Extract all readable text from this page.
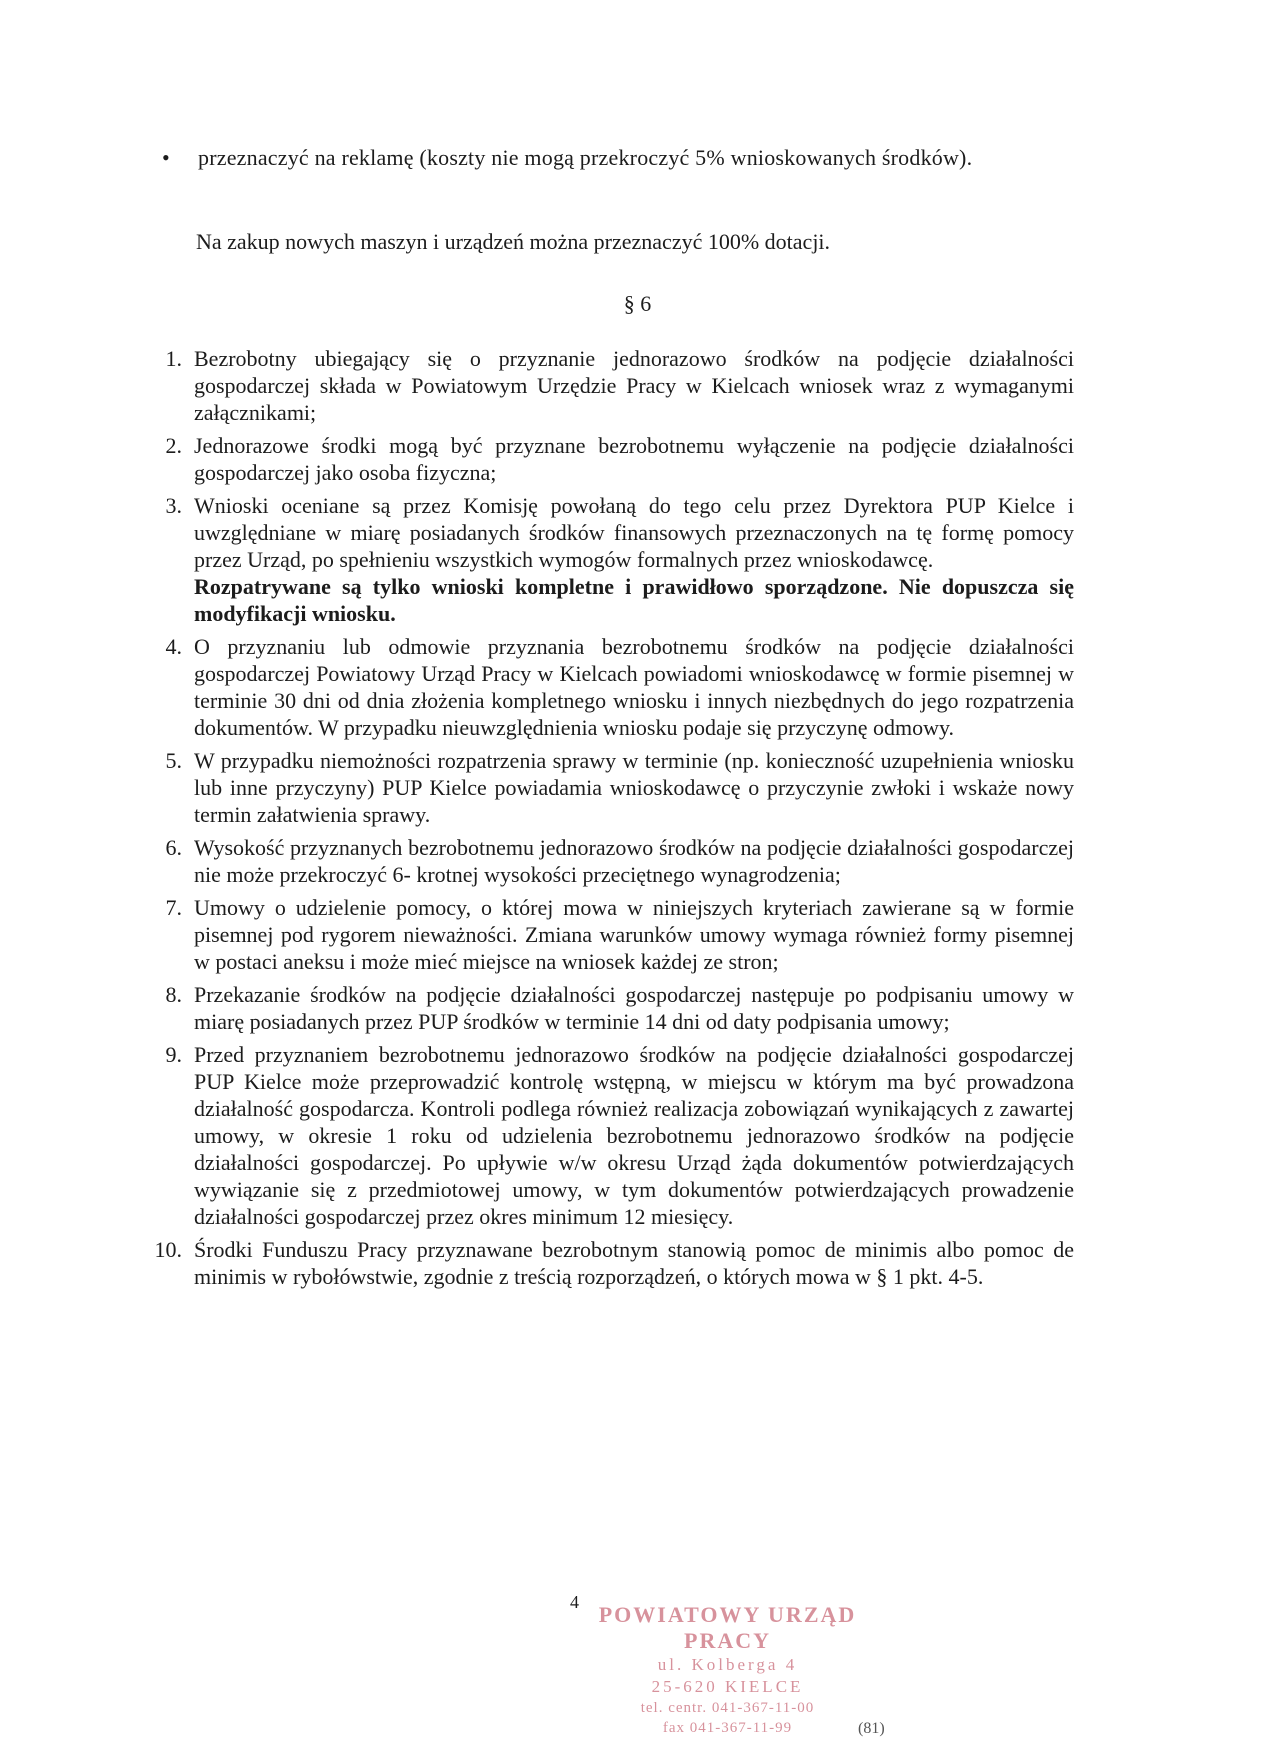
•	przeznaczyć na reklamę (koszty nie mogą przekroczyć 5% wnioskowanych środków).
Na zakup nowych maszyn i urządzeń można przeznaczyć 100% dotacji.
§ 6
1. Bezrobotny ubiegający się o przyznanie jednorazowo środków na podjęcie działalności gospodarczej składa w Powiatowym Urzędzie Pracy w Kielcach wniosek wraz z wymaganymi załącznikami;
2. Jednorazowe środki mogą być przyznane bezrobotnemu wyłączenie na podjęcie działalności gospodarczej jako osoba fizyczna;
3. Wnioski oceniane są przez Komisję powołaną do tego celu przez Dyrektora PUP Kielce i uwzględniane w miarę posiadanych środków finansowych przeznaczonych na tę formę pomocy przez Urząd, po spełnieniu wszystkich wymogów formalnych przez wnioskodawcę.
Rozpatrywane są tylko wnioski kompletne i prawidłowo sporządzone. Nie dopuszcza się modyfikacji wniosku.
4. O przyznaniu lub odmowie przyznania bezrobotnemu środków na podjęcie działalności gospodarczej Powiatowy Urząd Pracy w Kielcach powiadomi wnioskodawcę w formie pisemnej w terminie 30 dni od dnia złożenia kompletnego wniosku i innych niezbędnych do jego rozpatrzenia dokumentów. W przypadku nieuwzględnienia wniosku podaje się przyczynę odmowy.
5. W przypadku niemożności rozpatrzenia sprawy w terminie (np. konieczność uzupełnienia wniosku lub inne przyczyny) PUP Kielce powiadamia wnioskodawcę o przyczynie zwłoki i wskaże nowy termin załatwienia sprawy.
6. Wysokość przyznanych bezrobotnemu jednorazowo środków na podjęcie działalności gospodarczej nie może przekroczyć 6- krotnej wysokości przeciętnego wynagrodzenia;
7. Umowy o udzielenie pomocy, o której mowa w niniejszych kryteriach zawierane są w formie pisemnej pod rygorem nieważności. Zmiana warunków umowy wymaga również formy pisemnej w postaci aneksu i może mieć miejsce na wniosek każdej ze stron;
8. Przekazanie środków na podjęcie działalności gospodarczej następuje po podpisaniu umowy w miarę posiadanych przez PUP środków w terminie 14 dni od daty podpisania umowy;
9. Przed przyznaniem bezrobotnemu jednorazowo środków na podjęcie działalności gospodarczej PUP Kielce może przeprowadzić kontrolę wstępną, w miejscu w którym ma być prowadzona działalność gospodarcza. Kontroli podlega również realizacja zobowiązań wynikających z zawartej umowy, w okresie 1 roku od udzielenia bezrobotnemu jednorazowo środków na podjęcie działalności gospodarczej. Po upływie w/w okresu Urząd żąda dokumentów potwierdzających wywiązanie się z przedmiotowej umowy, w tym dokumentów potwierdzających prowadzenie działalności gospodarczej przez okres minimum 12 miesięcy.
10. Środki Funduszu Pracy przyznawane bezrobotnym stanowią pomoc de minimis albo pomoc de minimis w rybołówstwie, zgodnie z treścią rozporządzeń, o których mowa w § 1 pkt. 4-5.
4 POWIATOWY URZĄD PRACY
ul. Kolberga 4
25-620 KIELCE
tel. centr. 041-367-11-00
fax 041-367-11-99	(81)
